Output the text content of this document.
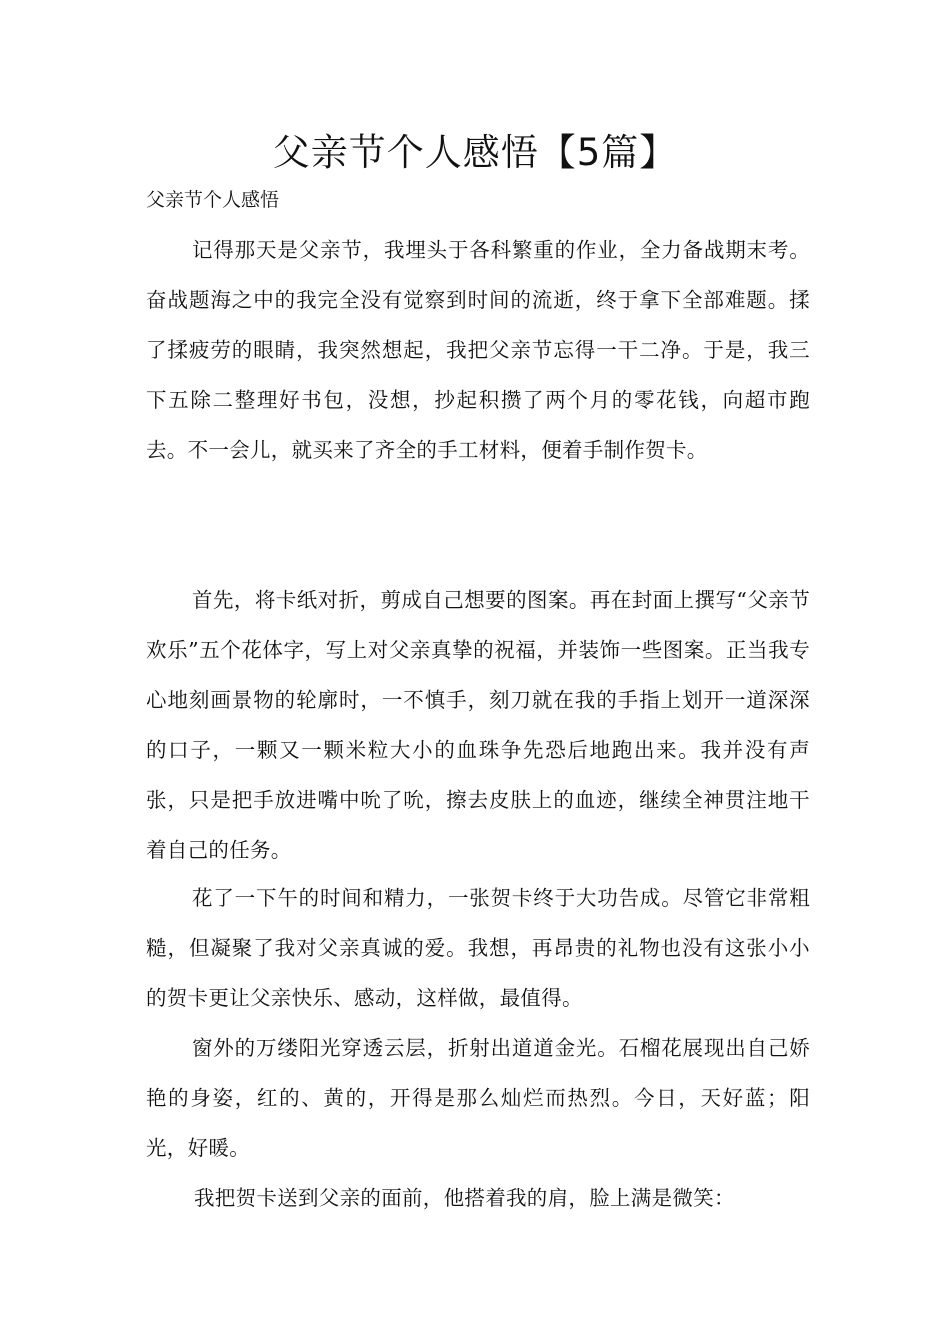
父亲节个人感悟【5篇】
父亲节个人感悟

记得那天是父亲节，我埋头于各科繁重的作业，全力备战期末考。奋战题海之中的我完全没有觉察到时间的流逝，终于拿下全部难题。揉了揉疲劳的眼睛，我突然想起，我把父亲节忘得一干二净。于是，我三下五除二整理好书包，没想，抄起积攒了两个月的零花钱，向超市跑去。不一会儿，就买来了齐全的手工材料，便着手制作贺卡。

首先，将卡纸对折，剪成自己想要的图案。再在封面上撰写“父亲节欢乐”五个花体字，写上对父亲真挚的祝福，并装饰一些图案。正当我专心地刻画景物的轮廓时，一不慎手，刻刀就在我的手指上划开一道深深的口子，一颗又一颗米粒大小的血珠争先恐后地跑出来。我并没有声张，只是把手放进嘴中吮了吮，擦去皮肤上的血迹，继续全神贯注地干着自己的任务。

花了一下午的时间和精力，一张贺卡终于大功告成。尽管它非常粗糙，但凝聚了我对父亲真诚的爱。我想，再昂贵的礼物也没有这张小小的贺卡更让父亲快乐、感动，这样做，最值得。

窗外的万缕阳光穿透云层，折射出道道金光。石榴花展现出自己娇艳的身姿，红的、黄的，开得是那么灿烂而热烈。今日，天好蓝；阳光，好暖。

我把贺卡送到父亲的面前，他搭着我的肩，脸上满是微笑：
